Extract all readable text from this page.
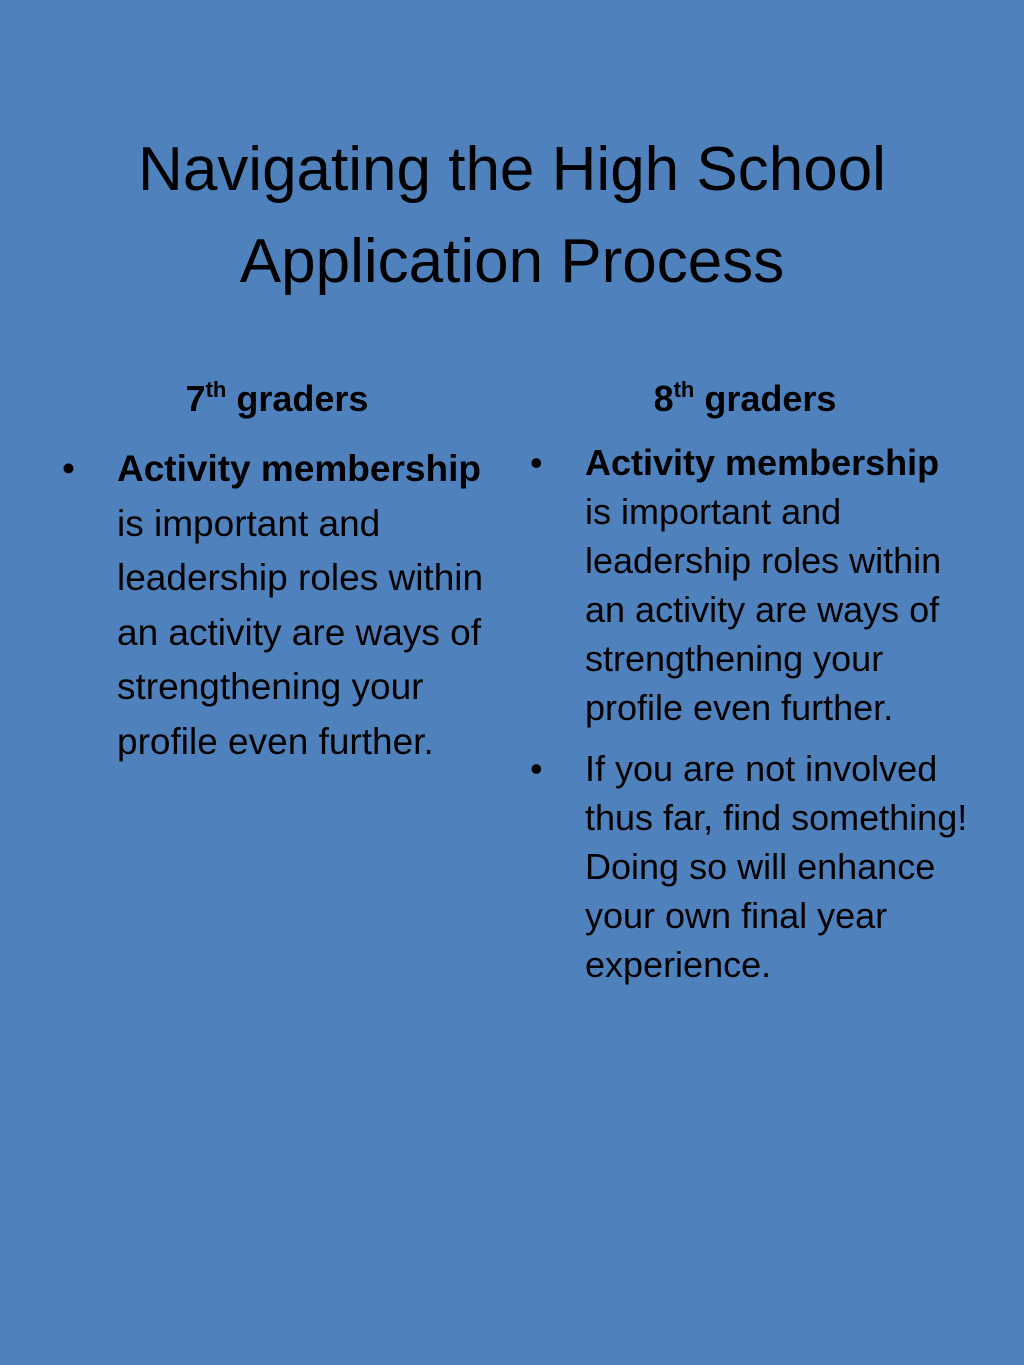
Navigating the High School
Application Process
7th graders
• Activity membership is important and leadership roles within an activity are ways of strengthening your profile even further.
8th graders
• Activity membership is important and leadership roles within an activity are ways of strengthening your profile even further.
• If you are not involved thus far, find something! Doing so will enhance your own final year experience.
